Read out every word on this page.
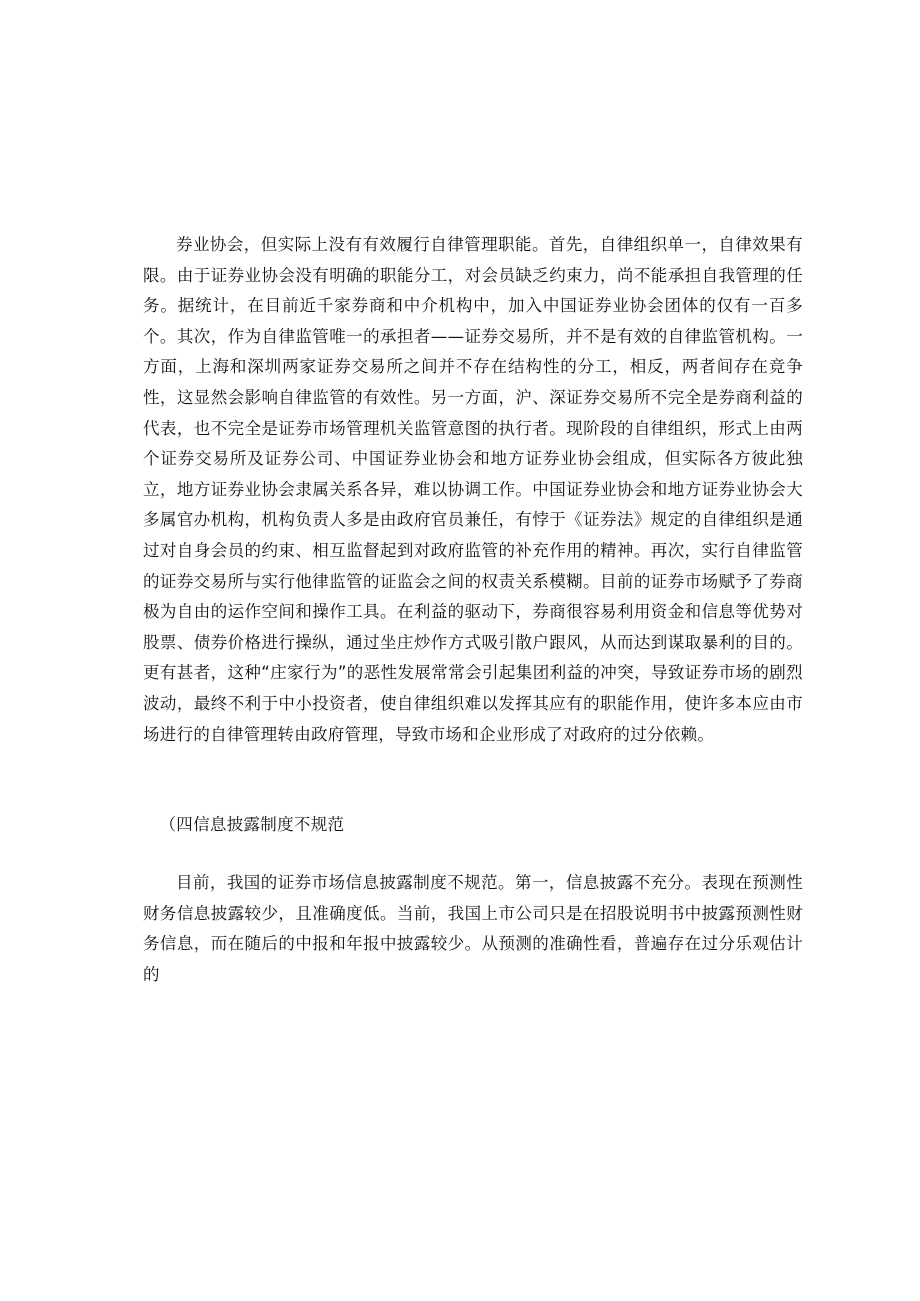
券业协会，但实际上没有有效履行自律管理职能。首先，自律组织单一，自律效果有限。由于证券业协会没有明确的职能分工，对会员缺乏约束力，尚不能承担自我管理的任务。据统计，在目前近千家券商和中介机构中，加入中国证券业协会团体的仅有一百多个。其次，作为自律监管唯一的承担者——证券交易所，并不是有效的自律监管机构。一方面，上海和深圳两家证券交易所之间并不存在结构性的分工，相反，两者间存在竞争性，这显然会影响自律监管的有效性。另一方面，沪、深证券交易所不完全是券商利益的代表，也不完全是证券市场管理机关监管意图的执行者。现阶段的自律组织，形式上由两个证券交易所及证券公司、中国证券业协会和地方证券业协会组成，但实际各方彼此独立，地方证券业协会隶属关系各异，难以协调工作。中国证券业协会和地方证券业协会大多属官办机构，机构负责人多是由政府官员兼任，有悖于《证券法》规定的自律组织是通过对自身会员的约束、相互监督起到对政府监管的补充作用的精神。再次，实行自律监管的证券交易所与实行他律监管的证监会之间的权责关系模糊。目前的证券市场赋予了券商极为自由的运作空间和操作工具。在利益的驱动下，券商很容易利用资金和信息等优势对股票、债券价格进行操纵，通过坐庄炒作方式吸引散户跟风，从而达到谋取暴利的目的。更有甚者，这种“庄家行为”的恶性发展常常会引起集团利益的冲突，导致证券市场的剧烈波动，最终不利于中小投资者，使自律组织难以发挥其应有的职能作用，使许多本应由市场进行的自律管理转由政府管理，导致市场和企业形成了对政府的过分依赖。

（四信息披露制度不规范

目前，我国的证券市场信息披露制度不规范。第一，信息披露不充分。表现在预测性财务信息披露较少，且准确度低。当前，我国上市公司只是在招股说明书中披露预测性财务信息，而在随后的中报和年报中披露较少。从预测的准确性看，普遍存在过分乐观估计的
